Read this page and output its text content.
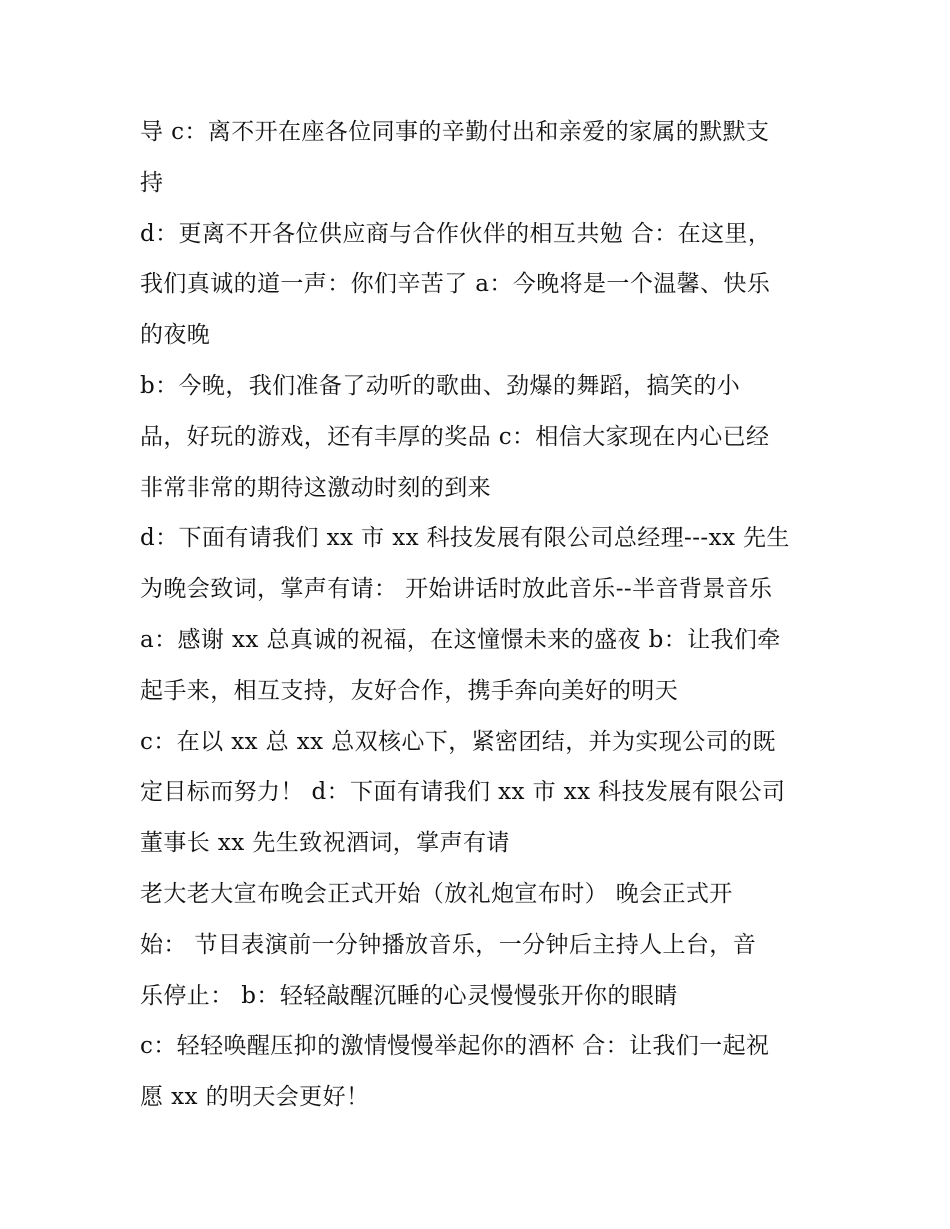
导 c：离不开在座各位同事的辛勤付出和亲爱的家属的默默支
持
d：更离不开各位供应商与合作伙伴的相互共勉 合：在这里，
我们真诚的道一声：你们辛苦了 a：今晚将是一个温馨、快乐
的夜晚
b：今晚，我们准备了动听的歌曲、劲爆的舞蹈，搞笑的小
品，好玩的游戏，还有丰厚的奖品 c：相信大家现在内心已经
非常非常的期待这激动时刻的到来
d：下面有请我们 xx 市 xx 科技发展有限公司总经理---xx 先生
为晚会致词，掌声有请： 开始讲话时放此音乐--半音背景音乐
a：感谢 xx 总真诚的祝福，在这憧憬未来的盛夜 b：让我们牵
起手来，相互支持，友好合作，携手奔向美好的明天
c：在以 xx 总 xx 总双核心下，紧密团结，并为实现公司的既
定目标而努力！ d：下面有请我们 xx 市 xx 科技发展有限公司
董事长 xx 先生致祝酒词，掌声有请
老大老大宣布晚会正式开始（放礼炮宣布时） 晚会正式开
始： 节目表演前一分钟播放音乐，一分钟后主持人上台，音
乐停止： b：轻轻敲醒沉睡的心灵慢慢张开你的眼睛
c：轻轻唤醒压抑的激情慢慢举起你的酒杯 合：让我们一起祝
愿 xx 的明天会更好！
